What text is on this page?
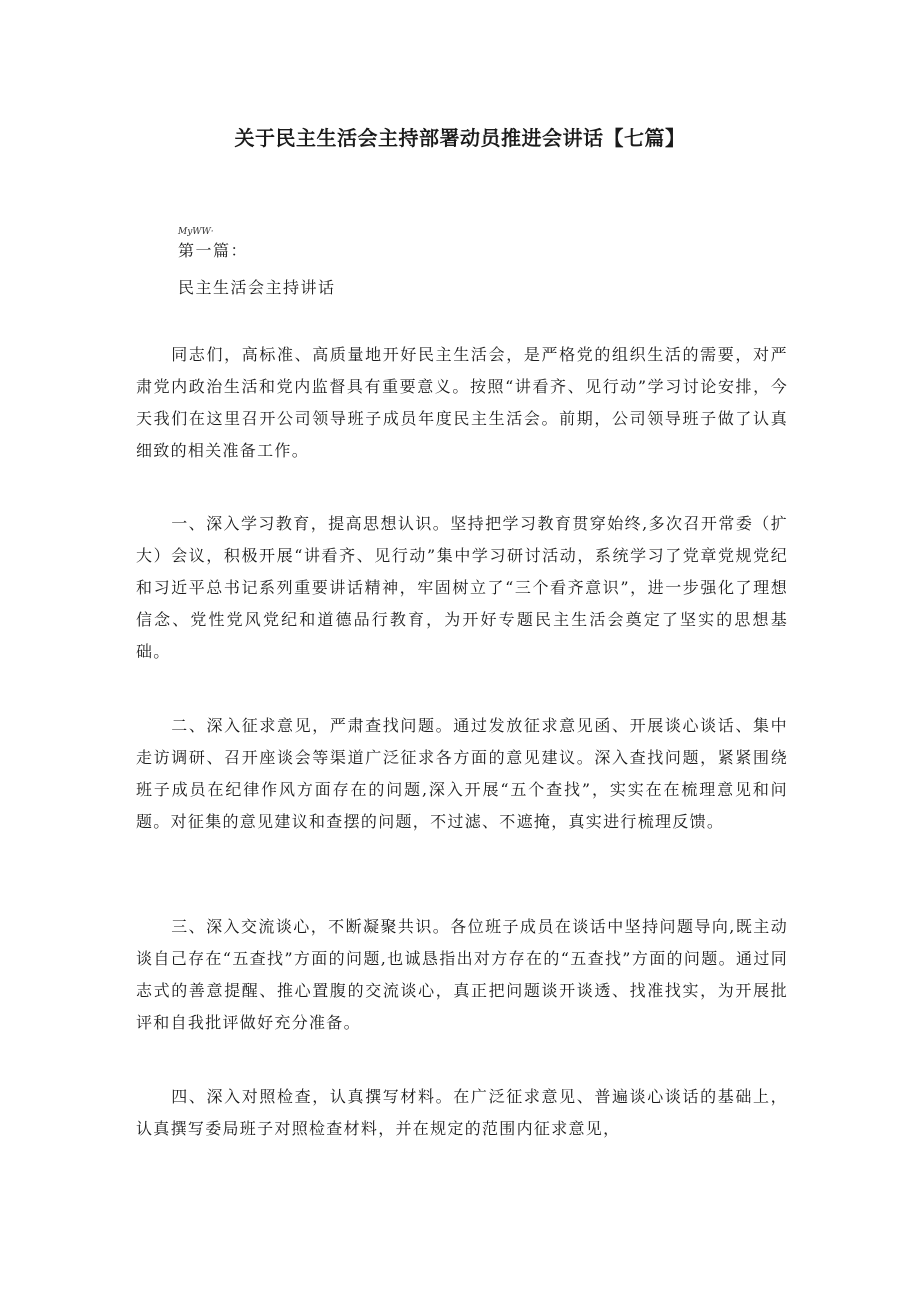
关于民主生活会主持部署动员推进会讲话【七篇】
MyWW·
第一篇：
民主生活会主持讲话

同志们，高标准、高质量地开好民主生活会，是严格党的组织生活的需要，对严肃党内政治生活和党内监督具有重要意义。按照“讲看齐、见行动”学习讨论安排，今天我们在这里召开公司领导班子成员年度民主生活会。前期，公司领导班子做了认真细致的相关准备工作。

一、深入学习教育，提高思想认识。坚持把学习教育贯穿始终,多次召开常委（扩大）会议，积极开展“讲看齐、见行动”集中学习研讨活动，系统学习了党章党规党纪和习近平总书记系列重要讲话精神，牢固树立了“三个看齐意识”，进一步强化了理想信念、党性党风党纪和道德品行教育，为开好专题民主生活会奠定了坚实的思想基础。

二、深入征求意见，严肃查找问题。通过发放征求意见函、开展谈心谈话、集中走访调研、召开座谈会等渠道广泛征求各方面的意见建议。深入查找问题，紧紧围绕班子成员在纪律作风方面存在的问题,深入开展“五个查找”，实实在在梳理意见和问题。对征集的意见建议和查摆的问题，不过滤、不遮掩，真实进行梳理反馈。

三、深入交流谈心，不断凝聚共识。各位班子成员在谈话中坚持问题导向,既主动谈自己存在“五查找”方面的问题,也诚恳指出对方存在的“五查找”方面的问题。通过同志式的善意提醒、推心置腹的交流谈心，真正把问题谈开谈透、找准找实，为开展批评和自我批评做好充分准备。

四、深入对照检查，认真撰写材料。在广泛征求意见、普遍谈心谈话的基础上，认真撰写委局班子对照检查材料，并在规定的范围内征求意见，
